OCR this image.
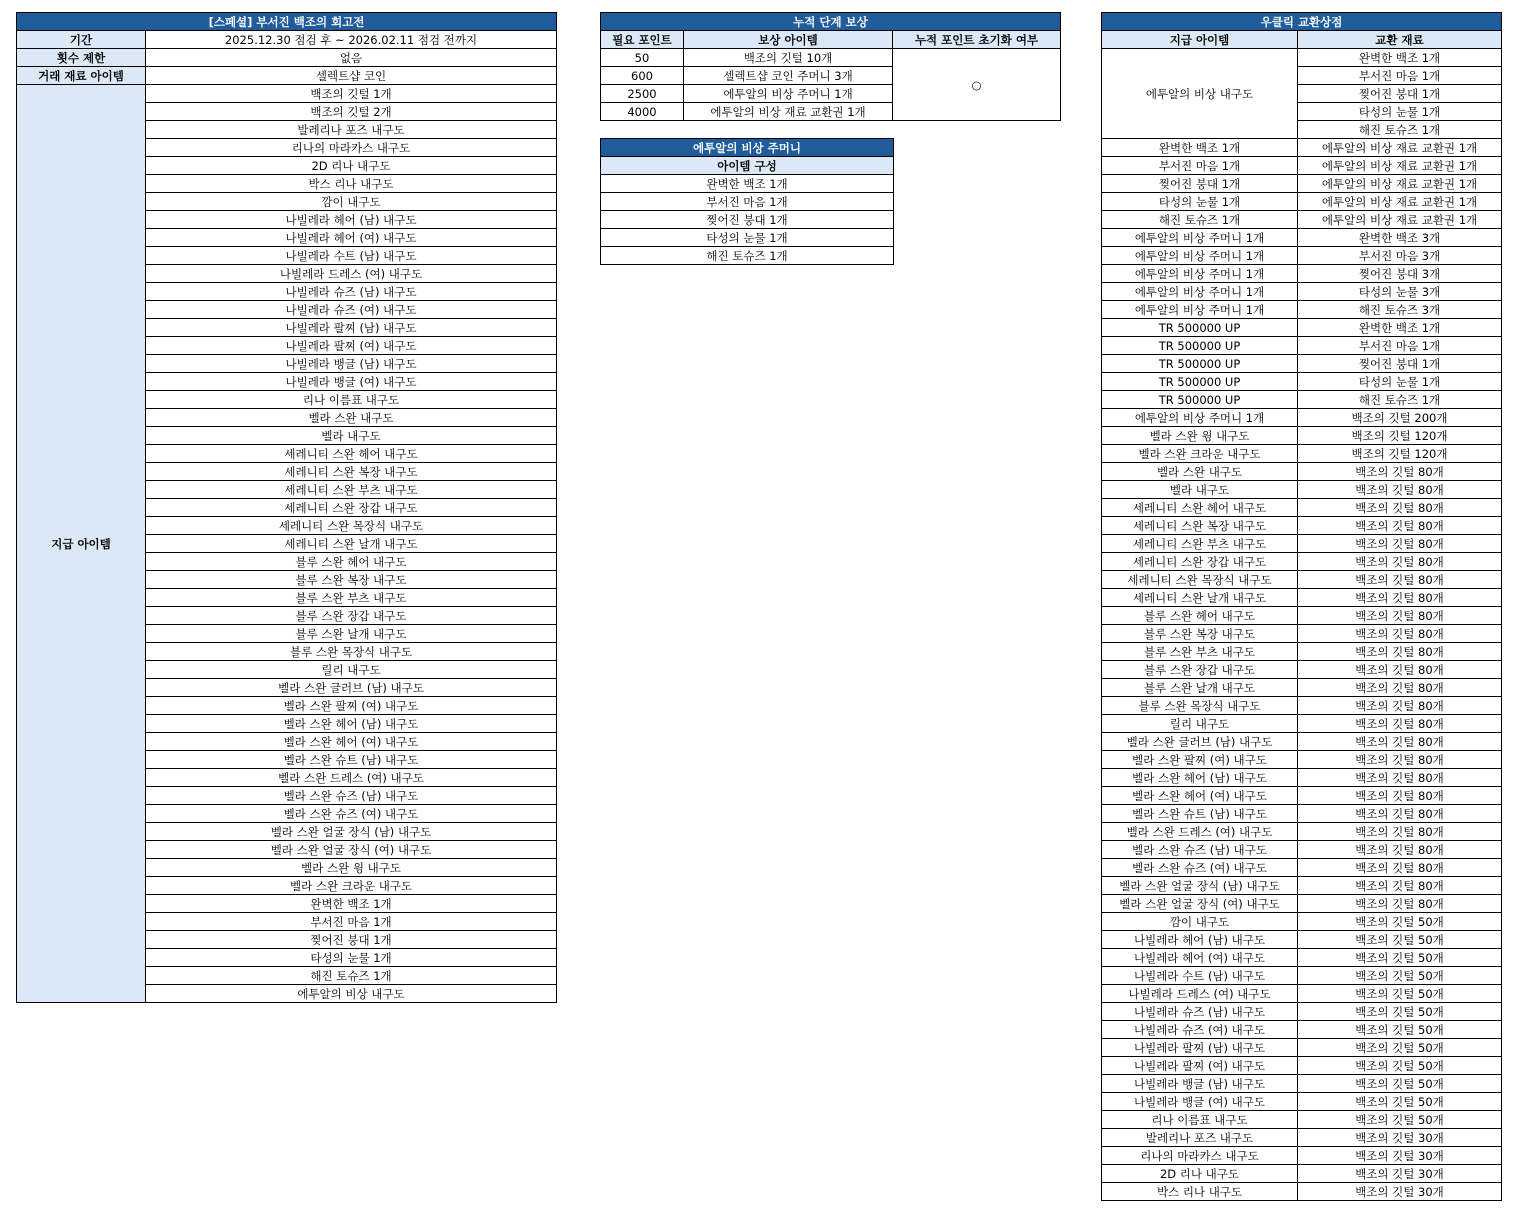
[스페셜] 부서진 백조의 회고전	
기간	2025.12.30 점검 후 ~ 2026.02.11 점검 전까지
횟수 제한	없음
거래 재료 아이템	셀렉트샵 코인
지급 아이템	백조의 깃털 1개
	백조의 깃털 2개
	발레리나 포즈 내구도
	리나의 마라카스 내구도
	2D 리나 내구도
	박스 리나 내구도
	깜이 내구도
	나빌레라 헤어 (남) 내구도
	나빌레라 헤어 (여) 내구도
	나빌레라 수트 (남) 내구도
	나빌레라 드레스 (여) 내구도
	나빌레라 슈즈 (남) 내구도
	나빌레라 슈즈 (여) 내구도
	나빌레라 팔찌 (남) 내구도
	나빌레라 팔찌 (여) 내구도
	나빌레라 뱅글 (남) 내구도
	나빌레라 뱅글 (여) 내구도
	리나 이름표 내구도
	벨라 스완 내구도
	벨라 내구도
	세레니티 스완 헤어 내구도
	세레니티 스완 복장 내구도
	세레니티 스완 부츠 내구도
	세레니티 스완 장갑 내구도
	세레니티 스완 목장식 내구도
	세레니티 스완 날개 내구도
	블루 스완 헤어 내구도
	블루 스완 복장 내구도
	블루 스완 부츠 내구도
	블루 스완 장갑 내구도
	블루 스완 날개 내구도
	블루 스완 목장식 내구도
	릴리 내구도
	벨라 스완 글러브 (남) 내구도
	벨라 스완 팔찌 (여) 내구도
	벨라 스완 헤어 (남) 내구도
	벨라 스완 헤어 (여) 내구도
	벨라 스완 슈트 (남) 내구도
	벨라 스완 드레스 (여) 내구도
	벨라 스완 슈즈 (남) 내구도
	벨라 스완 슈즈 (여) 내구도
	벨라 스완 얼굴 장식 (남) 내구도
	벨라 스완 얼굴 장식 (여) 내구도
	벨라 스완 윙 내구도
	벨라 스완 크라운 내구도
	완벽한 백조 1개
	부서진 마음 1개
	찢어진 붕대 1개
	타성의 눈물 1개
	해진 토슈즈 1개
	에투알의 비상 내구도
누적 단계 보상		
필요 포인트	보상 아이템	누적 포인트 초기화 여부
50	백조의 깃털 10개	○
600	셀렉트샵 코인 주머니 3개	
2500	에투알의 비상 주머니 1개	
4000	에투알의 비상 재료 교환권 1개	
에투알의 비상 주머니
아이템 구성
완벽한 백조 1개
부서진 마음 1개
찢어진 붕대 1개
타성의 눈물 1개
해진 토슈즈 1개
우클릭 교환상점	
지급 아이템	교환 재료
에투알의 비상 내구도	완벽한 백조 1개
	부서진 마음 1개
	찢어진 붕대 1개
	타성의 눈물 1개
	해진 토슈즈 1개
완벽한 백조 1개	에투알의 비상 재료 교환권 1개
부서진 마음 1개	에투알의 비상 재료 교환권 1개
찢어진 붕대 1개	에투알의 비상 재료 교환권 1개
타성의 눈물 1개	에투알의 비상 재료 교환권 1개
해진 토슈즈 1개	에투알의 비상 재료 교환권 1개
에투알의 비상 주머니 1개	완벽한 백조 3개
에투알의 비상 주머니 1개	부서진 마음 3개
에투알의 비상 주머니 1개	찢어진 붕대 3개
에투알의 비상 주머니 1개	타성의 눈물 3개
에투알의 비상 주머니 1개	해진 토슈즈 3개
TR 500000 UP	완벽한 백조 1개
TR 500000 UP	부서진 마음 1개
TR 500000 UP	찢어진 붕대 1개
TR 500000 UP	타성의 눈물 1개
TR 500000 UP	해진 토슈즈 1개
에투알의 비상 주머니 1개	백조의 깃털 200개
벨라 스완 윙 내구도	백조의 깃털 120개
벨라 스완 크라운 내구도	백조의 깃털 120개
벨라 스완 내구도	백조의 깃털 80개
벨라 내구도	백조의 깃털 80개
세레니티 스완 헤어 내구도	백조의 깃털 80개
세레니티 스완 복장 내구도	백조의 깃털 80개
세레니티 스완 부츠 내구도	백조의 깃털 80개
세레니티 스완 장갑 내구도	백조의 깃털 80개
세레니티 스완 목장식 내구도	백조의 깃털 80개
세레니티 스완 날개 내구도	백조의 깃털 80개
블루 스완 헤어 내구도	백조의 깃털 80개
블루 스완 복장 내구도	백조의 깃털 80개
블루 스완 부츠 내구도	백조의 깃털 80개
블루 스완 장갑 내구도	백조의 깃털 80개
블루 스완 날개 내구도	백조의 깃털 80개
블루 스완 목장식 내구도	백조의 깃털 80개
릴리 내구도	백조의 깃털 80개
벨라 스완 글러브 (남) 내구도	백조의 깃털 80개
벨라 스완 팔찌 (여) 내구도	백조의 깃털 80개
벨라 스완 헤어 (남) 내구도	백조의 깃털 80개
벨라 스완 헤어 (여) 내구도	백조의 깃털 80개
벨라 스완 슈트 (남) 내구도	백조의 깃털 80개
벨라 스완 드레스 (여) 내구도	백조의 깃털 80개
벨라 스완 슈즈 (남) 내구도	백조의 깃털 80개
벨라 스완 슈즈 (여) 내구도	백조의 깃털 80개
벨라 스완 얼굴 장식 (남) 내구도	백조의 깃털 80개
벨라 스완 얼굴 장식 (여) 내구도	백조의 깃털 80개
깜이 내구도	백조의 깃털 50개
나빌레라 헤어 (남) 내구도	백조의 깃털 50개
나빌레라 헤어 (여) 내구도	백조의 깃털 50개
나빌레라 수트 (남) 내구도	백조의 깃털 50개
나빌레라 드레스 (여) 내구도	백조의 깃털 50개
나빌레라 슈즈 (남) 내구도	백조의 깃털 50개
나빌레라 슈즈 (여) 내구도	백조의 깃털 50개
나빌레라 팔찌 (남) 내구도	백조의 깃털 50개
나빌레라 팔찌 (여) 내구도	백조의 깃털 50개
나빌레라 뱅글 (남) 내구도	백조의 깃털 50개
나빌레라 뱅글 (여) 내구도	백조의 깃털 50개
리나 이름표 내구도	백조의 깃털 50개
발레리나 포즈 내구도	백조의 깃털 30개
리나의 마라카스 내구도	백조의 깃털 30개
2D 리나 내구도	백조의 깃털 30개
박스 리나 내구도	백조의 깃털 30개
